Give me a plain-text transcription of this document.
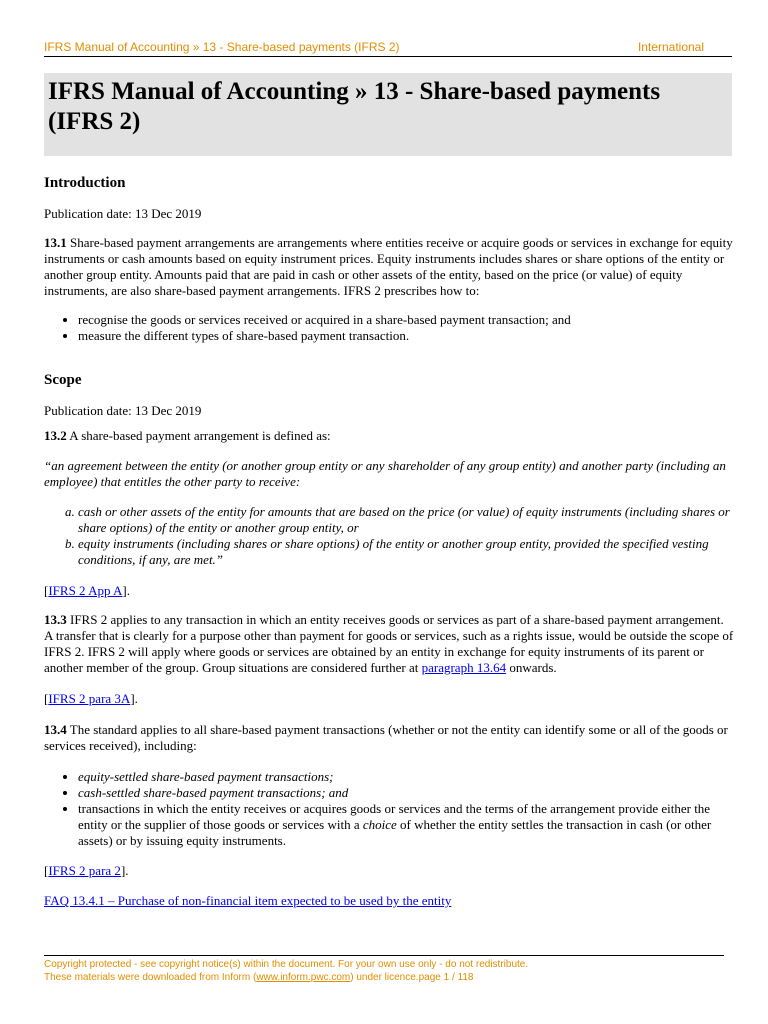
IFRS Manual of Accounting » 13 - Share-based payments (IFRS 2)	International
IFRS Manual of Accounting » 13 - Share-based payments (IFRS 2)
Introduction

Publication date: 13 Dec 2019

13.1 Share-based payment arrangements are arrangements where entities receive or acquire goods or services in exchange for equity instruments or cash amounts based on equity instrument prices. Equity instruments includes shares or share options of the entity or another group entity. Amounts paid that are paid in cash or other assets of the entity, based on the price (or value) of equity instruments, are also share-based payment arrangements. IFRS 2 prescribes how to:

• recognise the goods or services received or acquired in a share-based payment transaction; and
• measure the different types of share-based payment transaction.
Scope

Publication date: 13 Dec 2019

13.2 A share-based payment arrangement is defined as:

“an agreement between the entity (or another group entity or any shareholder of any group entity) and another party (including an employee) that entitles the other party to receive:

a. cash or other assets of the entity for amounts that are based on the price (or value) of equity instruments (including shares or share options) of the entity or another group entity, or
b. equity instruments (including shares or share options) of the entity or another group entity, provided the specified vesting conditions, if any, are met.”

[IFRS 2 App A].

13.3 IFRS 2 applies to any transaction in which an entity receives goods or services as part of a share-based payment arrangement. A transfer that is clearly for a purpose other than payment for goods or services, such as a rights issue, would be outside the scope of IFRS 2. IFRS 2 will apply where goods or services are obtained by an entity in exchange for equity instruments of its parent or another member of the group. Group situations are considered further at paragraph 13.64 onwards.

[IFRS 2 para 3A].

13.4 The standard applies to all share-based payment transactions (whether or not the entity can identify some or all of the goods or services received), including:

• equity-settled share-based payment transactions;
• cash-settled share-based payment transactions; and
• transactions in which the entity receives or acquires goods or services and the terms of the arrangement provide either the entity or the supplier of those goods or services with a choice of whether the entity settles the transaction in cash (or other assets) or by issuing equity instruments.

[IFRS 2 para 2].

FAQ 13.4.1 – Purchase of non-financial item expected to be used by the entity

Copyright protected - see copyright notice(s) within the document. For your own use only - do not redistribute.
These materials were downloaded from Inform (www.inform.pwc.com) under licence.page 1 / 118
